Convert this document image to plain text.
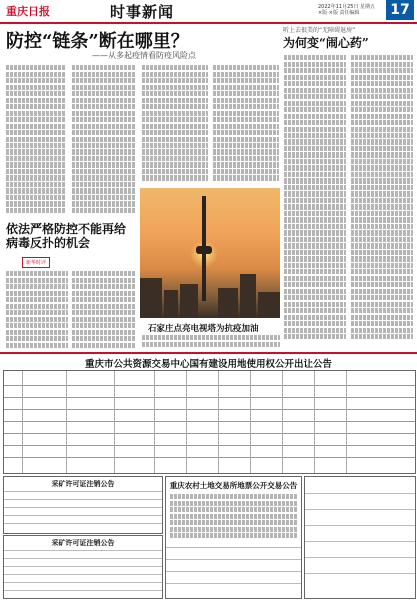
重庆日报	时事新闻	2022年11月25日 星期五 ×版·×版 责任编辑	17
防控“链条”断在哪里？
——从多起疫情看防疫风险点
听上去很美的“无障碍退房”
为何变“闹心药”
依法严格防控不能再给病毒反扑的机会
新华时评
石家庄点亮电视塔为抗疫加油
重庆市公共资源交易中心国有建设用地使用权公开出让公告
采矿许可证注销公告
采矿许可证注销公告
重庆农村土地交易所地票公开交易公告
